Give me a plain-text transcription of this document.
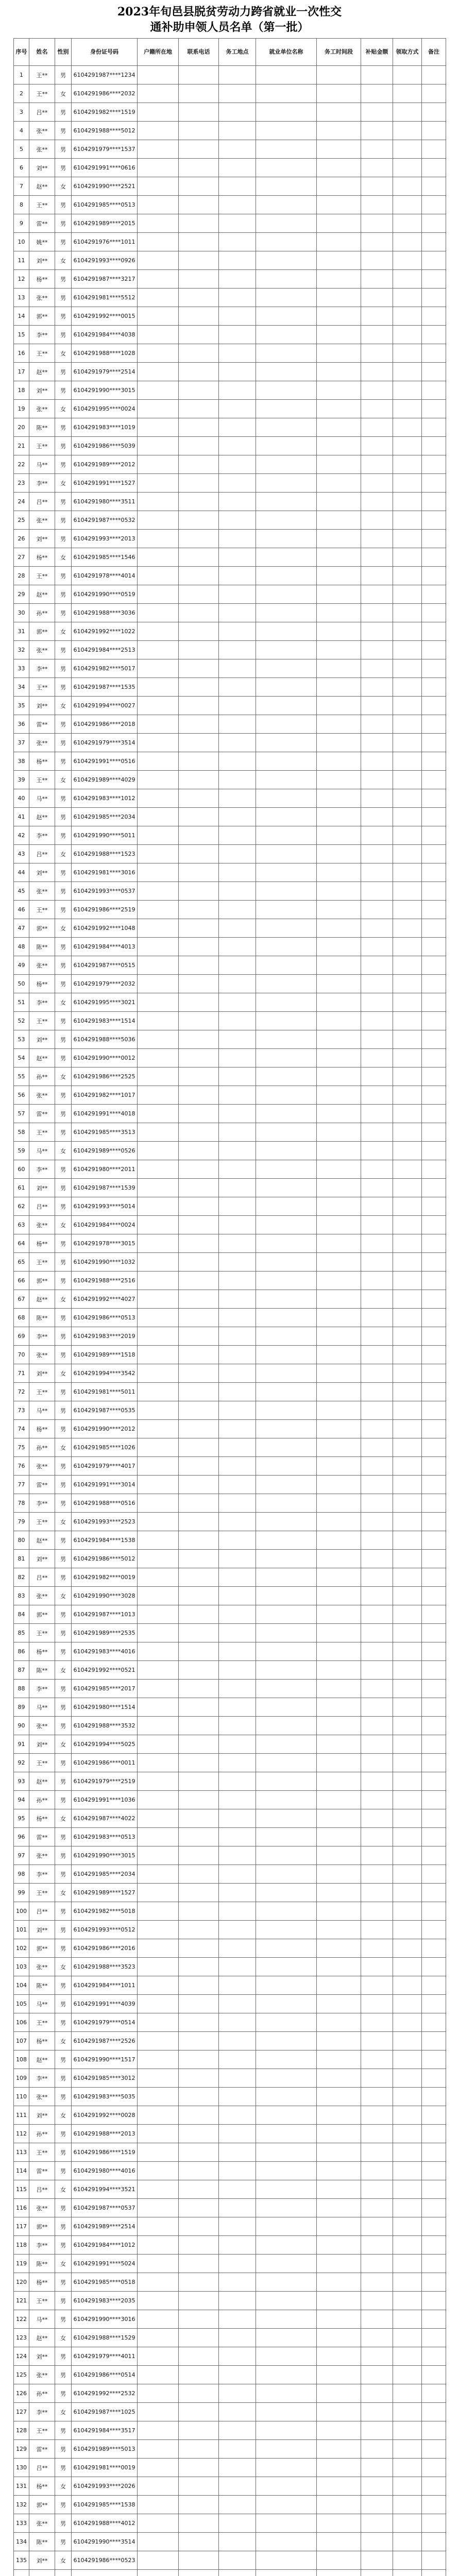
2023年旬邑县脱贫劳动力跨省就业一次性交
通补助申领人员名单（第一批）
序号	姓名	性别	身份证号码	户籍所在地	联系电话	务工地点	就业单位名称	务工时间段	补贴金额	领取方式	备注
1	王**	男	6104291987****1234								
2	王**	女	6104291986****2032								
3	吕**	男	6104291982****1519								
4	张**	男	6104291988****5012								
5	张**	男	6104291979****1537								
6	刘**	男	6104291991****0616								
7	赵**	女	6104291990****2521								
8	王**	男	6104291985****0513								
9	雷**	男	6104291989****2015								
10	姚**	男	6104291976****1011								
11	刘**	女	6104291993****0926								
12	杨**	男	6104291987****3217								
13	张**	男	6104291981****5512								
14	郭**	男	6104291992****0015								
15	李**	男	6104291984****4038								
16	王**	女	6104291988****1028								
17	赵**	男	6104291979****2514								
18	刘**	男	6104291990****3015								
19	张**	女	6104291995****0024								
20	陈**	男	6104291983****1019								
21	王**	男	6104291986****5039								
22	马**	男	6104291989****2012								
23	李**	女	6104291991****1527								
24	吕**	男	6104291980****3511								
25	张**	男	6104291987****0532								
26	刘**	男	6104291993****2013								
27	杨**	女	6104291985****1546								
28	王**	男	6104291978****4014								
29	赵**	男	6104291990****0519								
30	孙**	男	6104291988****3036								
31	郭**	女	6104291992****1022								
32	张**	男	6104291984****2513								
33	李**	男	6104291982****5017								
34	王**	男	6104291987****1535								
35	刘**	女	6104291994****0027								
36	雷**	男	6104291986****2018								
37	张**	男	6104291979****3514								
38	杨**	男	6104291991****0516								
39	王**	女	6104291989****4029								
40	马**	男	6104291983****1012								
41	赵**	男	6104291985****2034								
42	李**	男	6104291990****5011								
43	吕**	女	6104291988****1523								
44	刘**	男	6104291981****3016								
45	张**	男	6104291993****0537								
46	王**	男	6104291986****2519								
47	郭**	女	6104291992****1048								
48	陈**	男	6104291984****4013								
49	张**	男	6104291987****0515								
50	杨**	男	6104291979****2032								
51	李**	女	6104291995****3021								
52	王**	男	6104291983****1514								
53	刘**	男	6104291988****5036								
54	赵**	男	6104291990****0012								
55	孙**	女	6104291986****2525								
56	张**	男	6104291982****1017								
57	雷**	男	6104291991****4018								
58	王**	男	6104291985****3513								
59	马**	女	6104291989****0526								
60	李**	男	6104291980****2011								
61	刘**	男	6104291987****1539								
62	吕**	男	6104291993****5014								
63	张**	女	6104291984****0024								
64	杨**	男	6104291978****3015								
65	王**	男	6104291990****1032								
66	郭**	男	6104291988****2516								
67	赵**	女	6104291992****4027								
68	陈**	男	6104291986****0513								
69	李**	男	6104291983****2019								
70	张**	男	6104291989****1518								
71	刘**	女	6104291994****3542								
72	王**	男	6104291981****5011								
73	马**	男	6104291987****0535								
74	杨**	男	6104291990****2012								
75	孙**	女	6104291985****1026								
76	张**	男	6104291979****4017								
77	雷**	男	6104291991****3014								
78	李**	男	6104291988****0516								
79	王**	女	6104291993****2523								
80	赵**	男	6104291984****1538								
81	刘**	男	6104291986****5012								
82	吕**	男	6104291982****0019								
83	张**	女	6104291990****3028								
84	郭**	男	6104291987****1013								
85	王**	男	6104291989****2535								
86	杨**	男	6104291983****4016								
87	陈**	女	6104291992****0521								
88	李**	男	6104291985****2017								
89	马**	男	6104291980****1514								
90	张**	男	6104291988****3532								
91	刘**	女	6104291994****5025								
92	王**	男	6104291986****0011								
93	赵**	男	6104291979****2519								
94	孙**	男	6104291991****1036								
95	杨**	女	6104291987****4022								
96	雷**	男	6104291983****0513								
97	张**	男	6104291990****3015								
98	李**	男	6104291985****2034								
99	王**	女	6104291989****1527								
100	吕**	男	6104291982****5018								
101	刘**	男	6104291993****0512								
102	郭**	男	6104291986****2016								
103	张**	女	6104291988****3523								
104	陈**	男	6104291984****1011								
105	马**	男	6104291991****4039								
106	王**	男	6104291979****0514								
107	杨**	女	6104291987****2526								
108	赵**	男	6104291990****1517								
109	李**	男	6104291985****3012								
110	张**	男	6104291983****5035								
111	刘**	女	6104291992****0028								
112	孙**	男	6104291988****2013								
113	王**	男	6104291986****1519								
114	雷**	男	6104291980****4016								
115	吕**	女	6104291994****3521								
116	张**	男	6104291987****0537								
117	郭**	男	6104291989****2514								
118	李**	男	6104291984****1012								
119	陈**	女	6104291991****5024								
120	杨**	男	6104291985****0518								
121	王**	男	6104291983****2035								
122	马**	男	6104291990****3016								
123	赵**	女	6104291988****1529								
124	刘**	男	6104291979****4011								
125	张**	男	6104291986****0514								
126	孙**	男	6104291992****2532								
127	李**	女	6104291987****1025								
128	王**	男	6104291984****3517								
129	雷**	男	6104291989****5013								
130	吕**	男	6104291981****0019								
131	杨**	女	6104291993****2026								
132	郭**	男	6104291985****1538								
133	张**	男	6104291988****4012								
134	陈**	男	6104291990****3514								
135	刘**	女	6104291986****0523								
